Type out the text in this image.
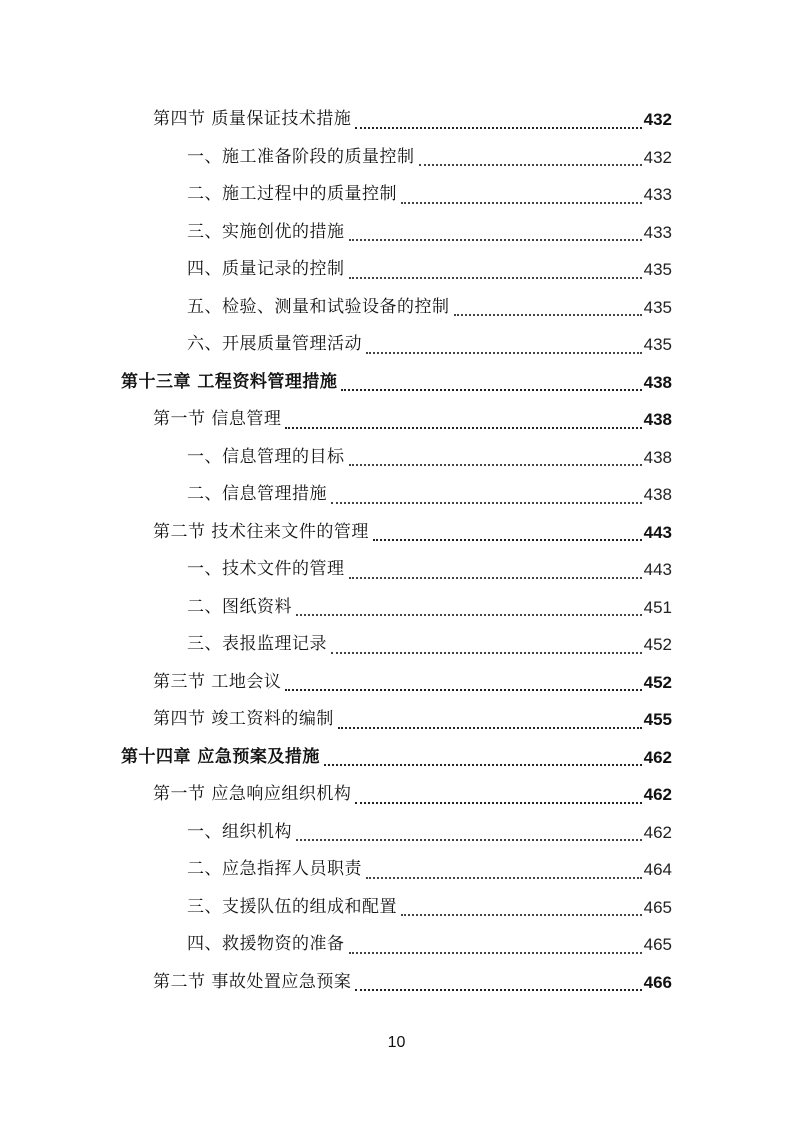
第四节 质量保证技术措施	432
一、施工准备阶段的质量控制	432
二、施工过程中的质量控制	433
三、实施创优的措施	433
四、质量记录的控制	435
五、检验、测量和试验设备的控制	435
六、开展质量管理活动	435
第十三章 工程资料管理措施	438
第一节 信息管理	438
一、信息管理的目标	438
二、信息管理措施	438
第二节 技术往来文件的管理	443
一、技术文件的管理	443
二、图纸资料	451
三、表报监理记录	452
第三节 工地会议	452
第四节 竣工资料的编制	455
第十四章 应急预案及措施	462
第一节 应急响应组织机构	462
一、组织机构	462
二、应急指挥人员职责	464
三、支援队伍的组成和配置	465
四、救援物资的准备	465
第二节 事故处置应急预案	466
10
